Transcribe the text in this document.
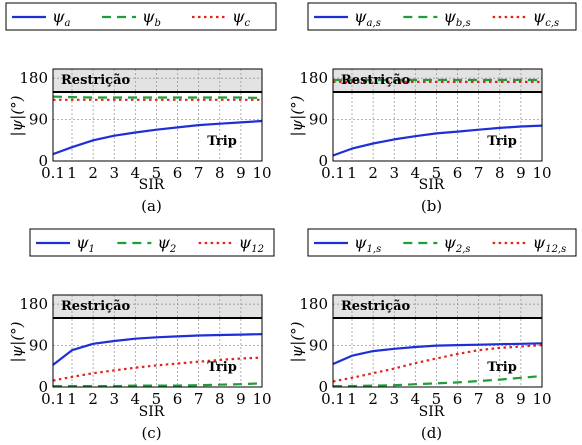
Restrição
Trip
0.1 1 2 3 4 5 6 7 8 9 10
0
90
180
SIR
|ψ|(°)
(a)
$\psi_a$	$\psi_b$	$\psi_c$
Restrição
Trip
0.1 1 2 3 4 5 6 7 8 9 10
0
90
180
SIR
|ψ|(°)
(b)
$\psi_{a,s}$	$\psi_{b,s}$	$\psi_{c,s}$
Restrição
Trip
0.1 1 2 3 4 5 6 7 8 9 10
0
90
180
SIR
|ψ|(°)
(c)
$\psi_1$	$\psi_2$	$\psi_{12}$
Restrição
Trip
0.1 1 2 3 4 5 6 7 8 9 10
0
90
180
SIR
|ψ|(°)
(d)
$\psi_{1,s}$	$\psi_{2,s}$	$\psi_{12,s}$
